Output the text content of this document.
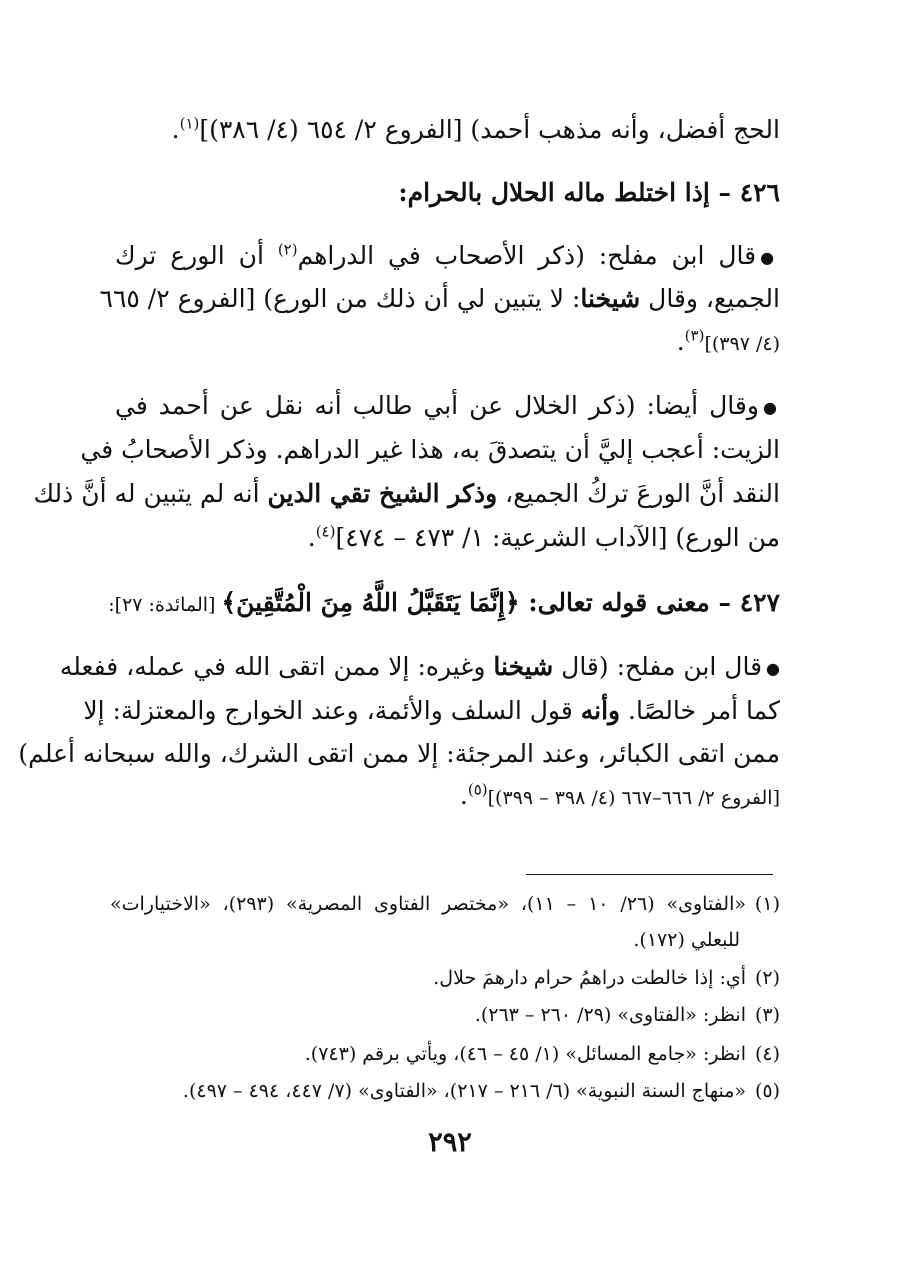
الحج أفضل، وأنه مذهب أحمد) [الفروع ٢/ ٦٥٤ (٤/ ٣٨٦)]$^{(١)}$.
٤٢٦ – إذا اختلط ماله الحلال بالحرام:
●قال ابن مفلح: (ذكر الأصحاب في الدراهم$^{(٢)}$ أن الورع ترك
الجميع، وقال شيخنا: لا يتبين لي أن ذلك من الورع) [الفروع ٢/ ٦٦٥
(٤/ ٣٩٧)]$^{(٣)}$.
●وقال أيضا: (ذكر الخلال عن أبي طالب أنه نقل عن أحمد في
الزيت: أعجب إليَّ أن يتصدقَ به، هذا غير الدراهم. وذكر الأصحابُ في
النقد أنَّ الورعَ تركُ الجميع، وذكر الشيخ تقي الدين أنه لم يتبين له أنَّ ذلك
من الورع) [الآداب الشرعية: ١/ ٤٧٣ – ٤٧٤]$^{(٤)}$.
٤٢٧ – معنى قوله تعالى: ﴿إِنَّمَا يَتَقَبَّلُ اللَّهُ مِنَ الْمُتَّقِينَ﴾ [المائدة: ٢٧]:
●قال ابن مفلح: (قال شيخنا وغيره: إلا ممن اتقى الله في عمله، ففعله
كما أمر خالصًا. وأنه قول السلف والأئمة، وعند الخوارج والمعتزلة: إلا
ممن اتقى الكبائر، وعند المرجئة: إلا ممن اتقى الشرك، والله سبحانه أعلم)
[الفروع ٢/ ٦٦٦–٦٦٧ (٤/ ٣٩٨ – ٣٩٩)]$^{(٥)}$.
(١)«الفتاوى» (٢٦/ ١٠ – ١١)، «مختصر الفتاوى المصرية» (٢٩٣)، «الاختيارات»
للبعلي (١٧٢).
(٢)أي: إذا خالطت دراهمُ حرام دارهمَ حلال.
(٣)انظر: «الفتاوى» (٢٩/ ٢٦٠ – ٢٦٣).
(٤)انظر: «جامع المسائل» (١/ ٤٥ – ٤٦)، ويأتي برقم (٧٤٣).
(٥)«منهاج السنة النبوية» (٦/ ٢١٦ – ٢١٧)، «الفتاوى» (٧/ ٤٤٧، ٤٩٤ – ٤٩٧).
٢٩٢
